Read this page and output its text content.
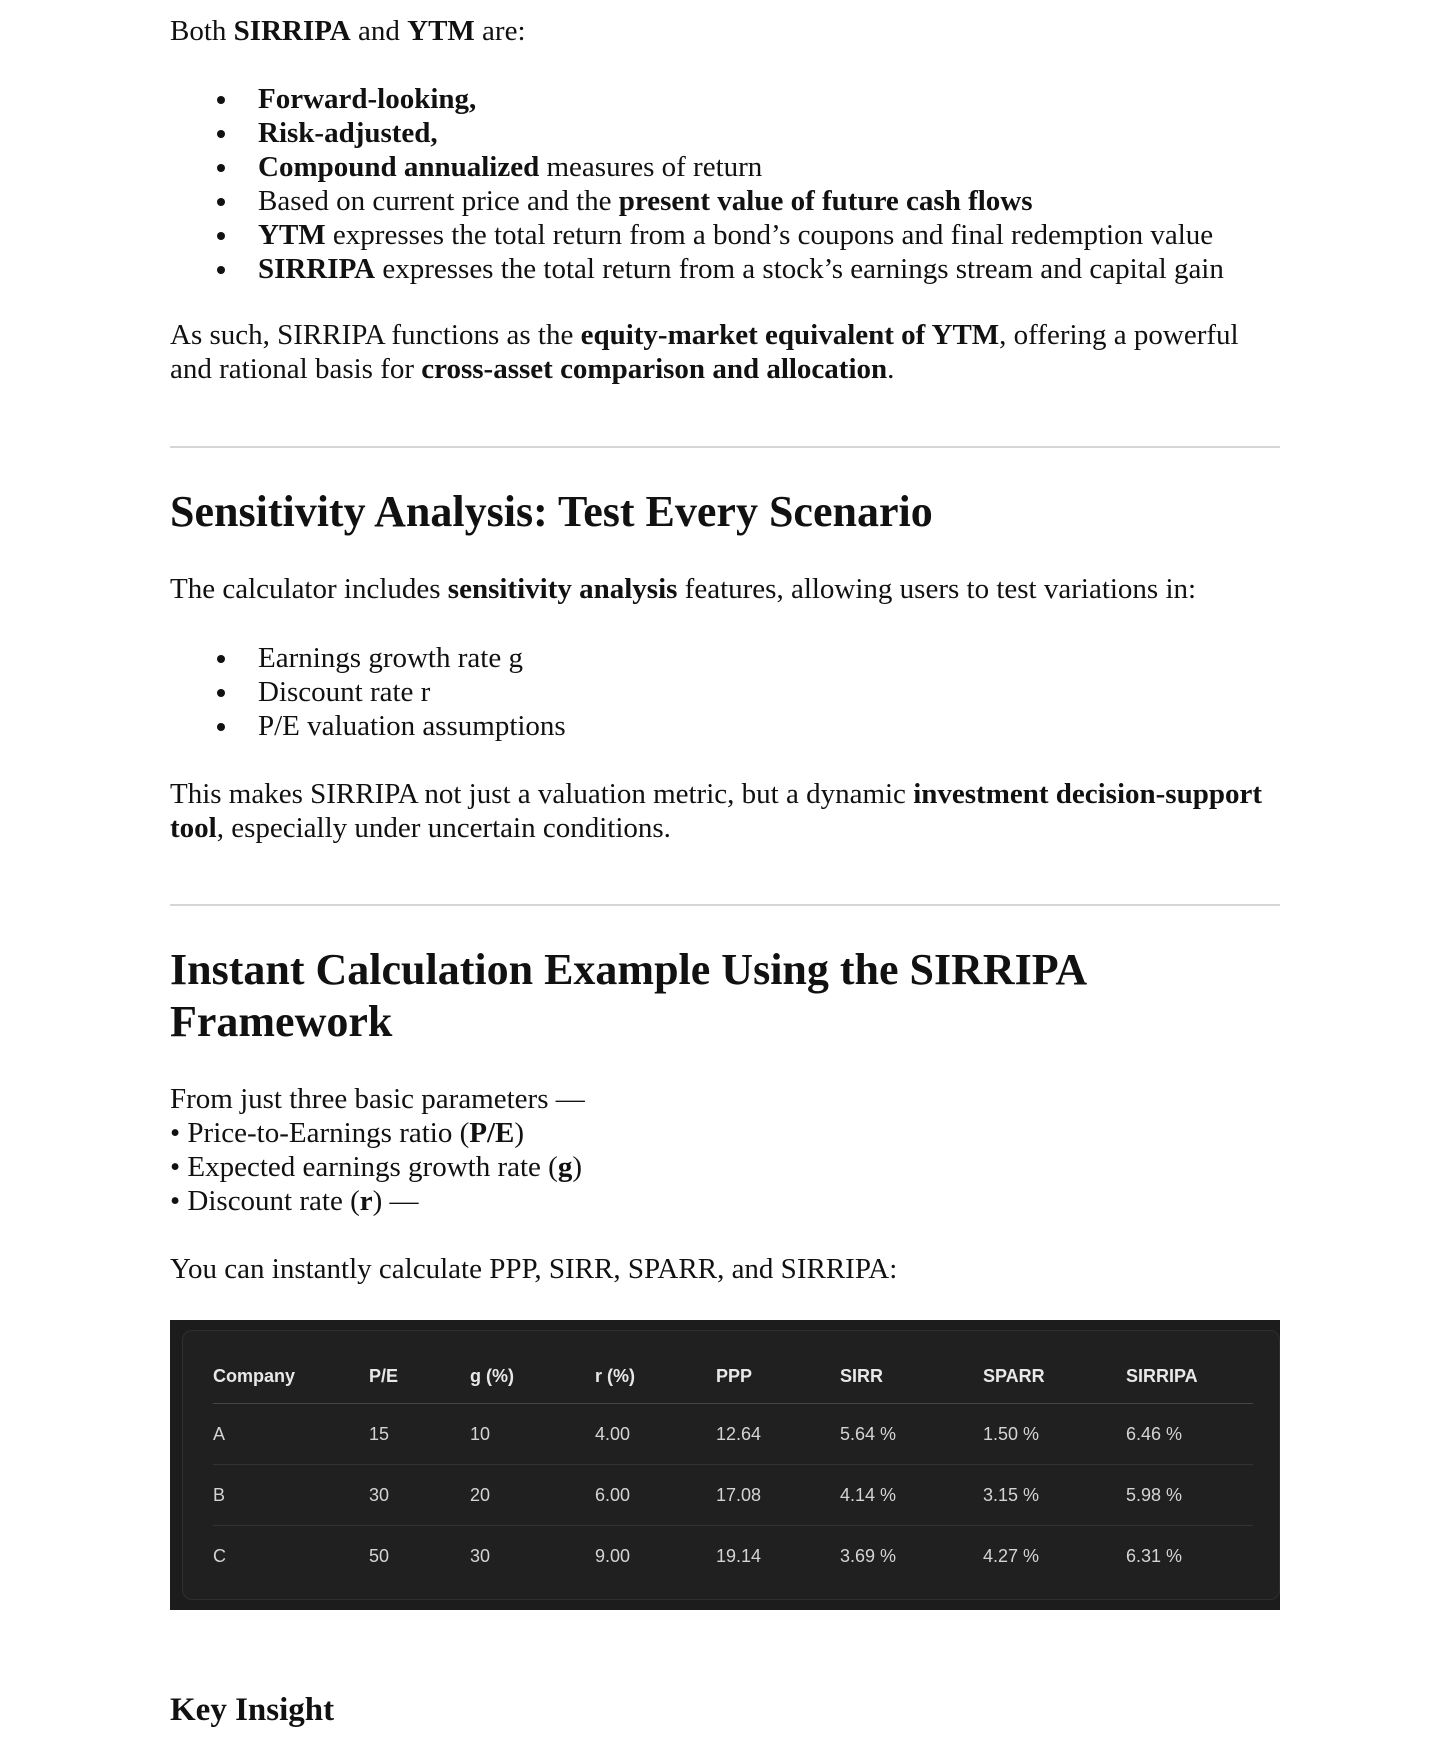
Both SIRRIPA and YTM are:

Forward-looking,
Risk-adjusted,
Compound annualized measures of return
Based on current price and the present value of future cash flows
YTM expresses the total return from a bond’s coupons and final redemption value
SIRRIPA expresses the total return from a stock’s earnings stream and capital gain

As such, SIRRIPA functions as the equity-market equivalent of YTM, offering a powerful and rational basis for cross-asset comparison and allocation.

Sensitivity Analysis: Test Every Scenario

The calculator includes sensitivity analysis features, allowing users to test variations in:

Earnings growth rate g
Discount rate r
P/E valuation assumptions

This makes SIRRIPA not just a valuation metric, but a dynamic investment decision-support tool, especially under uncertain conditions.

Instant Calculation Example Using the SIRRIPA Framework
From just three basic parameters —
• Price-to-Earnings ratio (P/E)
• Expected earnings growth rate (g)
• Discount rate (r) —

You can instantly calculate PPP, SIRR, SPARR, and SIRRIPA:

Company	P/E	g (%)	r (%)	PPP	SIRR	SPARR	SIRRIPA
A	15	10	4.00	12.64	5.64 %	1.50 %	6.46 %
B	30	20	6.00	17.08	4.14 %	3.15 %	5.98 %
C	50	30	9.00	19.14	3.69 %	4.27 %	6.31 %
Key Insight
